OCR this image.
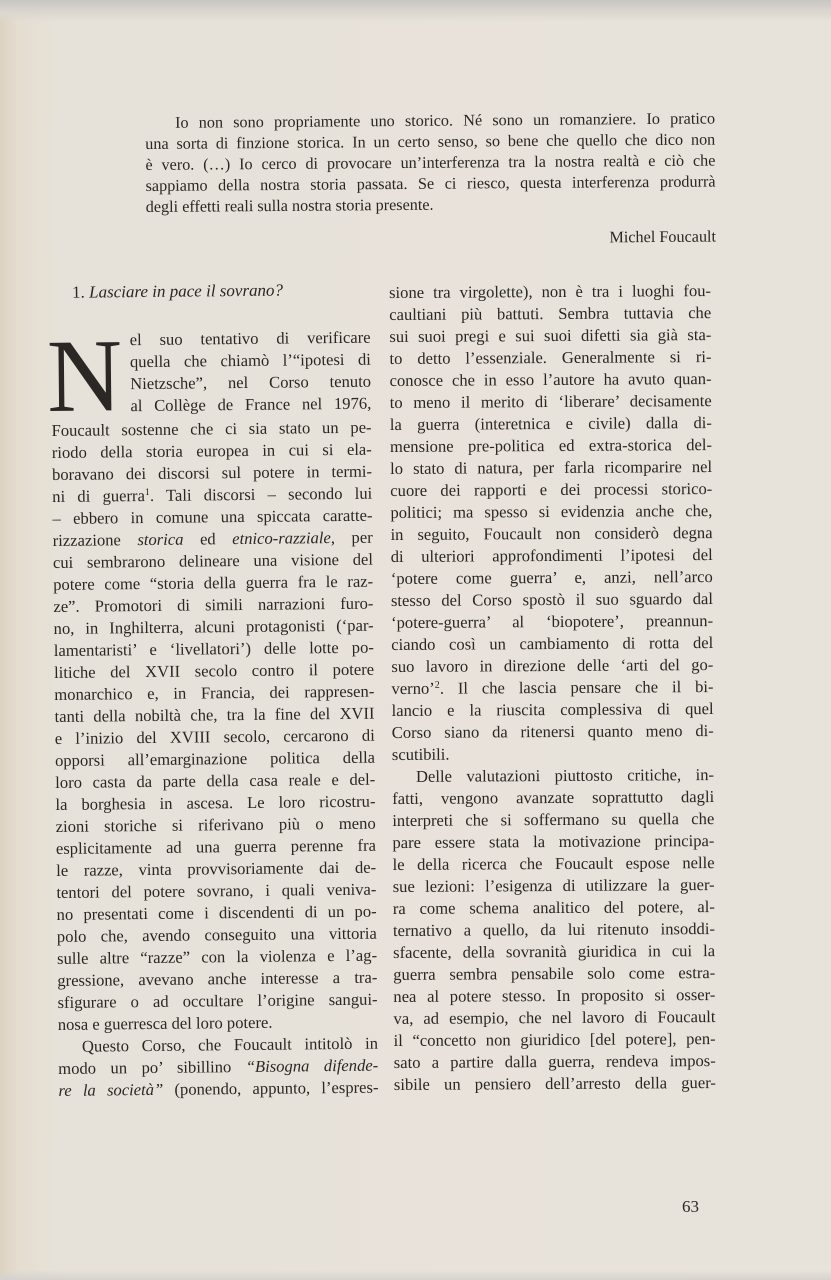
Io non sono propriamente uno storico. Né sono un romanziere. Io pratico
una sorta di finzione storica. In un certo senso, so bene che quello che dico non
è vero. (…) Io cerco di provocare un’interferenza tra la nostra realtà e ciò che
sappiamo della nostra storia passata. Se ci riesco, questa interferenza produrrà
degli effetti reali sulla nostra storia presente.

Michel Foucault

1. Lasciare in pace il sovrano?
N el suo tentativo di verificare
quella che chiamò l’“ipotesi di
Nietzsche”, nel Corso tenuto
al Collège de France nel 1976,
Foucault sostenne che ci sia stato un pe-
riodo della storia europea in cui si ela-
boravano dei discorsi sul potere in termi-
ni di guerra$^1$. Tali discorsi – secondo lui
– ebbero in comune una spiccata caratte-
rizzazione storica ed etnico-razziale, per
cui sembrarono delineare una visione del
potere come “storia della guerra fra le raz-
ze”. Promotori di simili narrazioni furo-
no, in Inghilterra, alcuni protagonisti (‘par-
lamentaristi’ e ‘livellatori’) delle lotte po-
litiche del XVII secolo contro il potere
monarchico e, in Francia, dei rappresen-
tanti della nobiltà che, tra la fine del XVII
e l’inizio del XVIII secolo, cercarono di
opporsi all’emarginazione politica della
loro casta da parte della casa reale e del-
la borghesia in ascesa. Le loro ricostru-
zioni storiche si riferivano più o meno
esplicitamente ad una guerra perenne fra
le razze, vinta provvisoriamente dai de-
tentori del potere sovrano, i quali veniva-
no presentati come i discendenti di un po-
polo che, avendo conseguito una vittoria
sulle altre “razze” con la violenza e l’ag-
gressione, avevano anche interesse a tra-
sfigurare o ad occultare l’origine sangui-
nosa e guerresca del loro potere.
Questo Corso, che Foucault intitolò in
modo un po’ sibillino “Bisogna difende-
re la società” (ponendo, appunto, l’espres-
sione tra virgolette), non è tra i luoghi fou-
caultiani più battuti. Sembra tuttavia che
sui suoi pregi e sui suoi difetti sia già sta-
to detto l’essenziale. Generalmente si ri-
conosce che in esso l’autore ha avuto quan-
to meno il merito di ‘liberare’ decisamente
la guerra (interetnica e civile) dalla di-
mensione pre-politica ed extra-storica del-
lo stato di natura, per farla ricomparire nel
cuore dei rapporti e dei processi storico-
politici; ma spesso si evidenzia anche che,
in seguito, Foucault non considerò degna
di ulteriori approfondimenti l’ipotesi del
‘potere come guerra’ e, anzi, nell’arco
stesso del Corso spostò il suo sguardo dal
‘potere-guerra’ al ‘biopotere’, preannun-
ciando così un cambiamento di rotta del
suo lavoro in direzione delle ‘arti del go-
verno’$^2$. Il che lascia pensare che il bi-
lancio e la riuscita complessiva di quel
Corso siano da ritenersi quanto meno di-
scutibili.
Delle valutazioni piuttosto critiche, in-
fatti, vengono avanzate soprattutto dagli
interpreti che si soffermano su quella che
pare essere stata la motivazione principa-
le della ricerca che Foucault espose nelle
sue lezioni: l’esigenza di utilizzare la guer-
ra come schema analitico del potere, al-
ternativo a quello, da lui ritenuto insoddi-
sfacente, della sovranità giuridica in cui la
guerra sembra pensabile solo come estra-
nea al potere stesso. In proposito si osser-
va, ad esempio, che nel lavoro di Foucault
il “concetto non giuridico [del potere], pen-
sato a partire dalla guerra, rendeva impos-
sibile un pensiero dell’arresto della guer-
63
